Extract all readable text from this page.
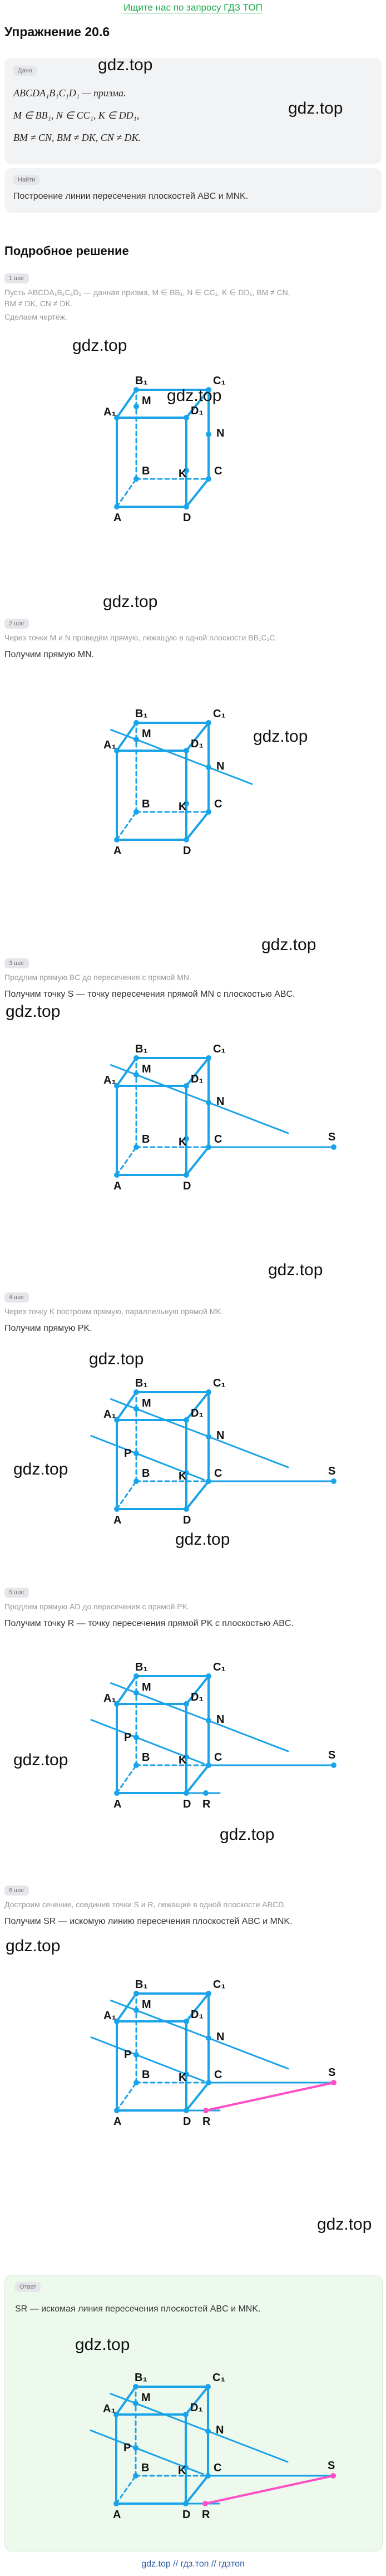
Ищите нас по запросу ГДЗ ТОП
Упражнение 20.6
Дано
ABCDA₁B₁C₁D₁ — призма.
M ∈ BB₁, N ∈ CC₁, K ∈ DD₁,
BM ≠ CN, BM ≠ DK, CN ≠ DK.
gdz.top
gdz.top
Найти
Построение линии пересечения плоскостей ABC и MNK.
Подробное решение
1 шаг
Пусть ABCDA₁B₁C₁D₁ — данная призма, M ∈ BB₁, N ∈ CC₁, K ∈ DD₁, BM ≠ CN,
BM ≠ DK, CN ≠ DK.
Сделаем чертёж.
gdz.top
A	D
B	C
A₁	D₁
B₁	C₁
M
N
K
gdz.top
gdz.top
2 шаг
Через точки M и N проведём прямую, лежащую в одной плоскости BB₁C₁C.
Получим прямую MN.
A	D
B	C
A₁	D₁
B₁	C₁
M
N
K
gdz.top
gdz.top
3 шаг
Продлим прямую BC до пересечения с прямой MN.
Получим точку S — точку пересечения прямой MN с плоскостью ABC.
gdz.top
A	D
B	C
A₁	D₁
B₁	C₁
M
N
K	S
gdz.top
4 шаг
Через точку K построим прямую, параллельную прямой MK.
Получим прямую PK.
gdz.top
A	D
B	C
A₁	D₁
B₁	C₁
M
N
K
P
S
gdz.top
gdz.top
5 шаг
Продлим прямую AD до пересечения с прямой PK.
Получим точку R — точку пересечения прямой PK с плоскостью ABC.
A	D
B	C
A₁	D₁
B₁	C₁
M
N
K
P
S
R
gdz.top
gdz.top
6 шаг
Достроим сечение, соединив точки S и R, лежащие в одной плоскости ABCD.
Получим SR — искомую линию пересечения плоскостей ABC и MNK.
gdz.top
A	D
B	C
A₁	D₁
B₁	C₁
M
N
K
P
S
R
gdz.top
Ответ
SR — искомая линия пересечения плоскостей ABC и MNK.
gdz.top
A	D
B	C
A₁	D₁
B₁	C₁
M
N
K
P
S
R
gdz.top // гдз.топ // гдзтоп
